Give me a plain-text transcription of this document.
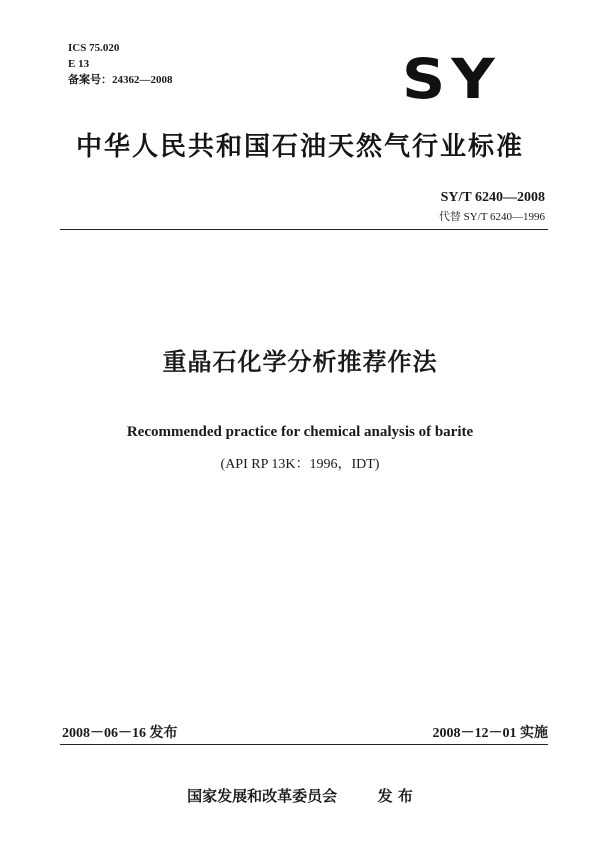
ICS 75.020
E 13
备案号：24362—2008	SY
中华人民共和国石油天然气行业标准
SY/T 6240—2008
代替 SY/T 6240—1996
重晶石化学分析推荐作法
Recommended practice for chemical analysis of barite
(API RP 13K：1996，IDT)
2008－06－16 发布	2008－12－01 实施
国家发展和改革委员会	发 布
